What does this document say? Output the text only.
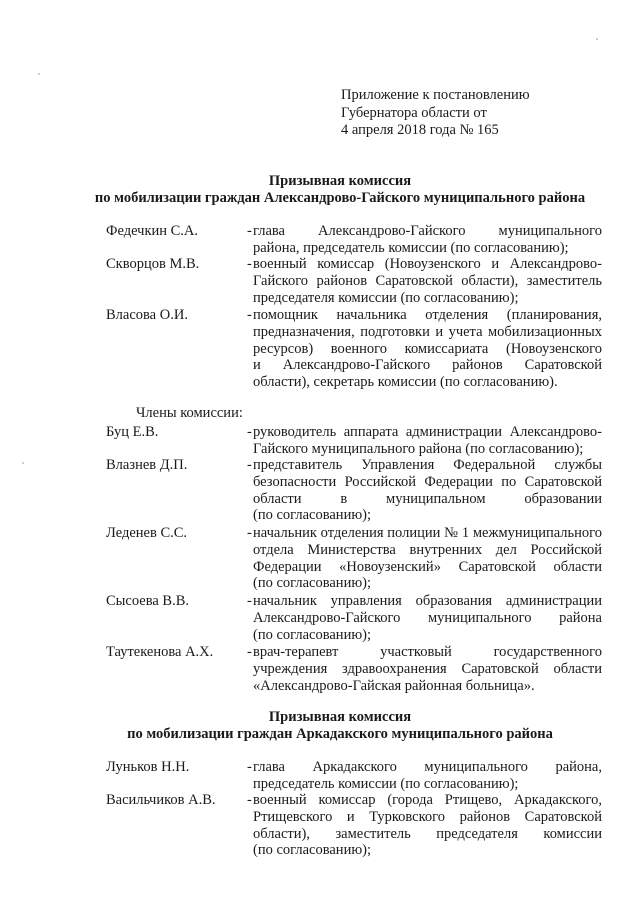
Приложение к постановлению
Губернатора области от
4 апреля 2018 года № 165
Призывная комиссия
по мобилизации граждан Александрово-Гайского муниципального района
Федечкин С.А.	- глава Александрово-Гайского муниципального
района, председатель комиссии (по согласованию);
Скворцов М.В.	- военный комиссар (Новоузенского и Александрово-
Гайского районов Саратовской области), заместитель
председателя комиссии (по согласованию);
Власова О.И.	- помощник начальника отделения (планирования,
предназначения, подготовки и учета мобилизационных
ресурсов) военного комиссариата (Новоузенского
и Александрово-Гайского районов Саратовской
области), секретарь комиссии (по согласованию).
Члены комиссии:
Буц Е.В.	- руководитель аппарата администрации Александрово-
Гайского муниципального района (по согласованию);
Влазнев Д.П.	- представитель Управления Федеральной службы
безопасности Российской Федерации по Саратовской
области в муниципальном образовании
(по согласованию);
Леденев С.С.	- начальник отделения полиции № 1 межмуниципального
отдела Министерства внутренних дел Российской
Федерации «Новоузенский» Саратовской области
(по согласованию);
Сысоева В.В.	- начальник управления образования администрации
Александрово-Гайского муниципального района
(по согласованию);
Таутекенова А.Х. - врач-терапевт участковый государственного
учреждения здравоохранения Саратовской области
«Александрово-Гайская районная больница».
Призывная комиссия
по мобилизации граждан Аркадакского муниципального района
Луньков Н.Н.	- глава Аркадакского муниципального района,
председатель комиссии (по согласованию);
Васильчиков А.В. - военный комиссар (города Ртищево, Аркадакского,
Ртищевского и Турковского районов Саратовской
области), заместитель председателя комиссии
(по согласованию);
